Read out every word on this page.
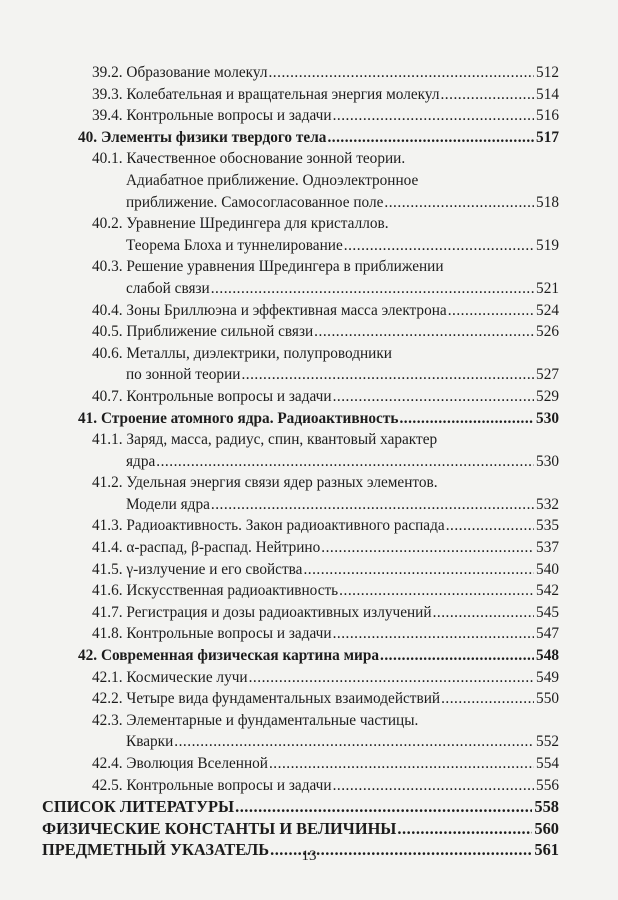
39.2. Образование молекул .....	512
39.3. Колебательная и вращательная энергия молекул .....	514
39.4. Контрольные вопросы и задачи .....	516
40. Элементы физики твердого тела .....	517
40.1. Качественное обоснование зонной теории.
Адиабатное приближение. Одноэлектронное
приближение. Самосогласованное поле .....	518
40.2. Уравнение Шредингера для кристаллов.
Теорема Блоха и туннелирование .....	519
40.3. Решение уравнения Шредингера в приближении
слабой связи .....	521
40.4. Зоны Бриллюэна и эффективная масса электрона .....	524
40.5. Приближение сильной связи .....	526
40.6. Металлы, диэлектрики, полупроводники
по зонной теории .....	527
40.7. Контрольные вопросы и задачи .....	529
41. Строение атомного ядра. Радиоактивность .....	530
41.1. Заряд, масса, радиус, спин, квантовый характер
ядра .....	530
41.2. Удельная энергия связи ядер разных элементов.
Модели ядра .....	532
41.3. Радиоактивность. Закон радиоактивного распада .....	535
41.4. α-распад, β-распад. Нейтрино .....	537
41.5. γ-излучение и его свойства .....	540
41.6. Искусственная радиоактивность .....	542
41.7. Регистрация и дозы радиоактивных излучений .....	545
41.8. Контрольные вопросы и задачи .....	547
42. Современная физическая картина мира .....	548
42.1. Космические лучи .....	549
42.2. Четыре вида фундаментальных взаимодействий .....	550
42.3. Элементарные и фундаментальные частицы.
Кварки .....	552
42.4. Эволюция Вселенной .....	554
42.5. Контрольные вопросы и задачи .....	556
СПИСОК ЛИТЕРАТУРЫ .....	558
ФИЗИЧЕСКИЕ КОНСТАНТЫ И ВЕЛИЧИНЫ .....	560
ПРЕДМЕТНЫЙ УКАЗАТЕЛЬ .....	561
13
